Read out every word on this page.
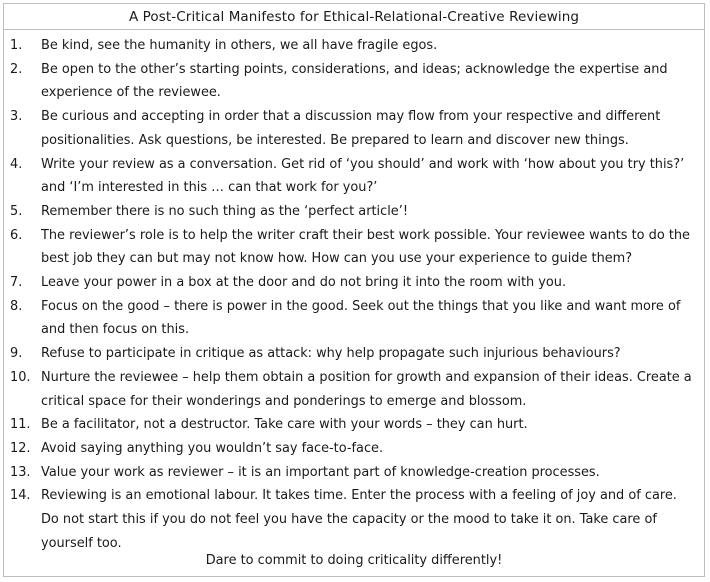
A Post-Critical Manifesto for Ethical-Relational-Creative Reviewing
1.	Be kind, see the humanity in others, we all have fragile egos.
2.	Be open to the other’s starting points, considerations, and ideas; acknowledge the expertise and experience of the reviewee.
3.	Be curious and accepting in order that a discussion may flow from your respective and different positionalities. Ask questions, be interested. Be prepared to learn and discover new things.
4.	Write your review as a conversation. Get rid of ‘you should’ and work with ‘how about you try this?’ and ‘I’m interested in this … can that work for you?’
5.	Remember there is no such thing as the ‘perfect article’!
6.	The reviewer’s role is to help the writer craft their best work possible. Your reviewee wants to do the best job they can but may not know how. How can you use your experience to guide them?
7.	Leave your power in a box at the door and do not bring it into the room with you.
8.	Focus on the good – there is power in the good. Seek out the things that you like and want more of and then focus on this.
9.	Refuse to participate in critique as attack: why help propagate such injurious behaviours?
10. Nurture the reviewee – help them obtain a position for growth and expansion of their ideas. Create a critical space for their wonderings and ponderings to emerge and blossom.
11. Be a facilitator, not a destructor. Take care with your words – they can hurt.
12. Avoid saying anything you wouldn’t say face-to-face.
13. Value your work as reviewer – it is an important part of knowledge-creation processes.
14. Reviewing is an emotional labour. It takes time. Enter the process with a feeling of joy and of care. Do not start this if you do not feel you have the capacity or the mood to take it on. Take care of yourself too.
Dare to commit to doing criticality differently!
